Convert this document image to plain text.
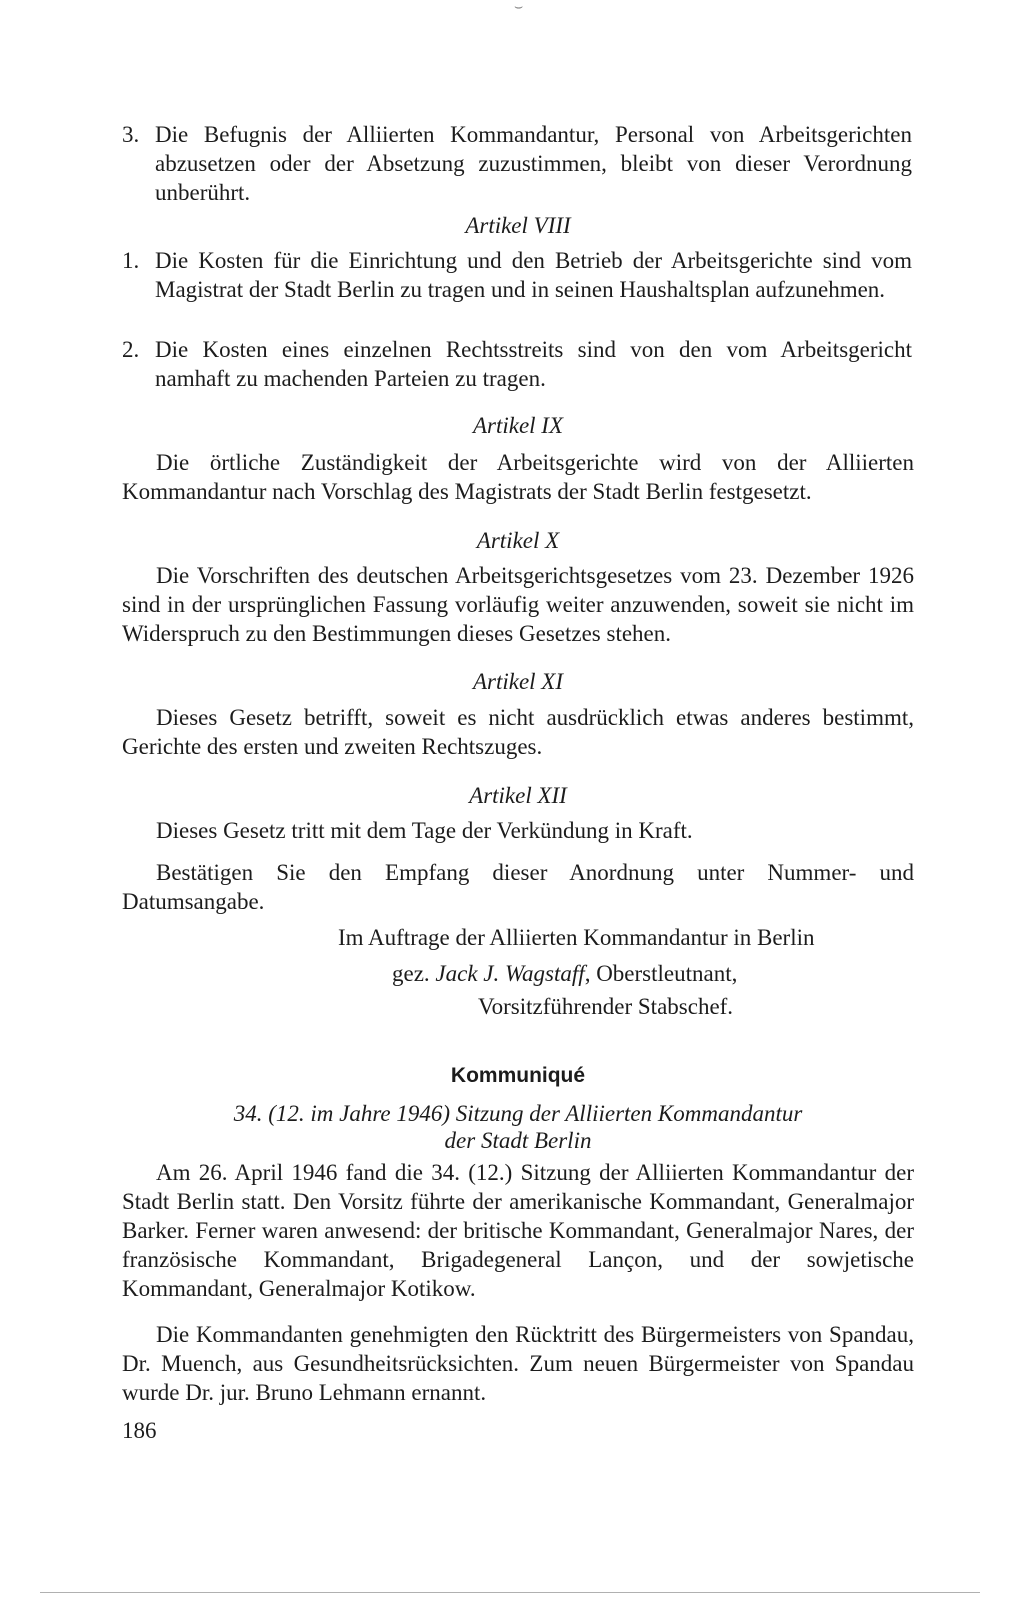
⌣
3. Die Befugnis der Alliierten Kommandantur, Personal von Arbeitsgerichten abzusetzen oder der Absetzung zuzustimmen, bleibt von dieser Verordnung unberührt.
Artikel VIII
1. Die Kosten für die Einrichtung und den Betrieb der Arbeitsgerichte sind vom Magistrat der Stadt Berlin zu tragen und in seinen Haushaltsplan aufzunehmen.
2. Die Kosten eines einzelnen Rechtsstreits sind von den vom Arbeitsgericht namhaft zu machenden Parteien zu tragen.
Artikel IX
Die örtliche Zuständigkeit der Arbeitsgerichte wird von der Alliierten Kommandantur nach Vorschlag des Magistrats der Stadt Berlin festgesetzt.
Artikel X
Die Vorschriften des deutschen Arbeitsgerichtsgesetzes vom 23. Dezember 1926 sind in der ursprünglichen Fassung vorläufig weiter anzuwenden, soweit sie nicht im Widerspruch zu den Bestimmungen dieses Gesetzes stehen.
Artikel XI
Dieses Gesetz betrifft, soweit es nicht ausdrücklich etwas anderes bestimmt, Gerichte des ersten und zweiten Rechtszuges.
Artikel XII
Dieses Gesetz tritt mit dem Tage der Verkündung in Kraft.
Bestätigen Sie den Empfang dieser Anordnung unter Nummer- und Datumsangabe.
Im Auftrage der Alliierten Kommandantur in Berlin
gez. Jack J. Wagstaff, Oberstleutnant,
Vorsitzführender Stabschef.
Kommuniqué
34. (12. im Jahre 1946) Sitzung der Alliierten Kommandantur
der Stadt Berlin
Am 26. April 1946 fand die 34. (12.) Sitzung der Alliierten Kommandantur der Stadt Berlin statt. Den Vorsitz führte der amerikanische Kommandant, Generalmajor Barker. Ferner waren anwesend: der britische Kommandant, Generalmajor Nares, der französische Kommandant, Brigadegeneral Lançon, und der sowjetische Kommandant, Generalmajor Kotikow.
Die Kommandanten genehmigten den Rücktritt des Bürgermeisters von Spandau, Dr. Muench, aus Gesundheitsrücksichten. Zum neuen Bürgermeister von Spandau wurde Dr. jur. Bruno Lehmann ernannt.
186
